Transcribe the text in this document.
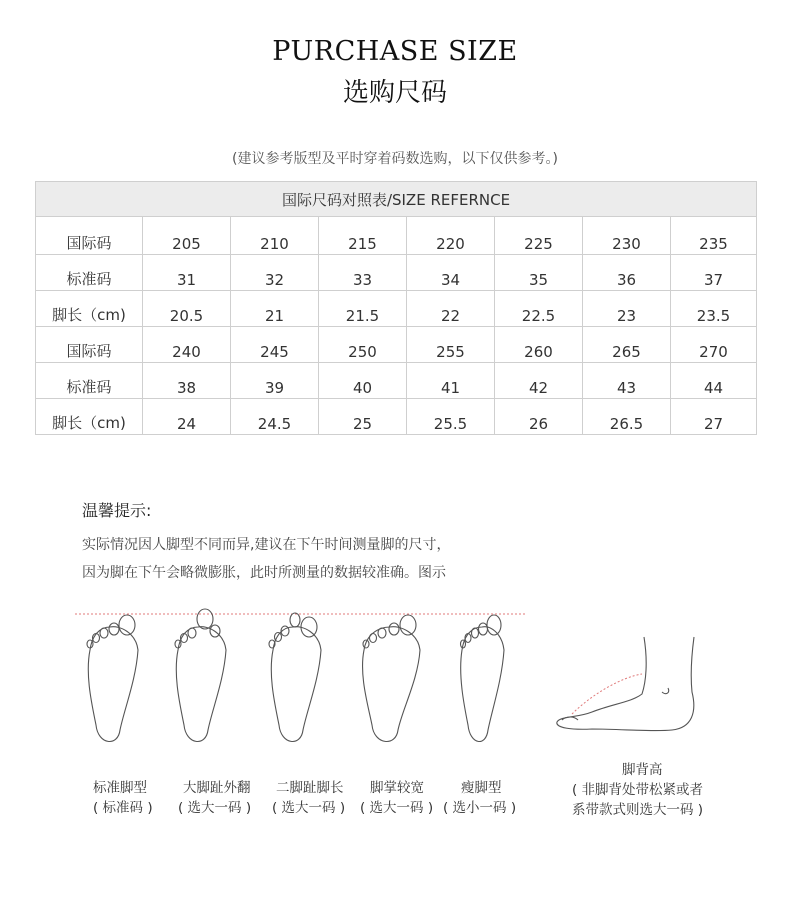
PURCHASE SIZE
选购尺码
(建议参考版型及平时穿着码数选购，以下仅供参考。)
国际尺码对照表/SIZE REFERNCE							
国际码	205	210	215	220	225	230	235
标准码	31	32	33	34	35	36	37
脚长（cm)	20.5	21	21.5	22	22.5	23	23.5
国际码	240	245	250	255	260	265	270
标准码	38	39	40	41	42	43	44
脚长（cm)	24	24.5	25	25.5	26	26.5	27
温馨提示:
实际情况因人脚型不同而异,建议在下午时间测量脚的尺寸，
因为脚在下午会略微膨胀，此时所测量的数据较准确。图示
标准脚型
( 标准码 )
大脚趾外翻
( 选大一码 )
二脚趾脚长
( 选大一码 )
脚掌较宽
( 选大一码 )
瘦脚型
( 选小一码 )
脚背高
( 非脚背处带松紧或者
系带款式则选大一码 )
